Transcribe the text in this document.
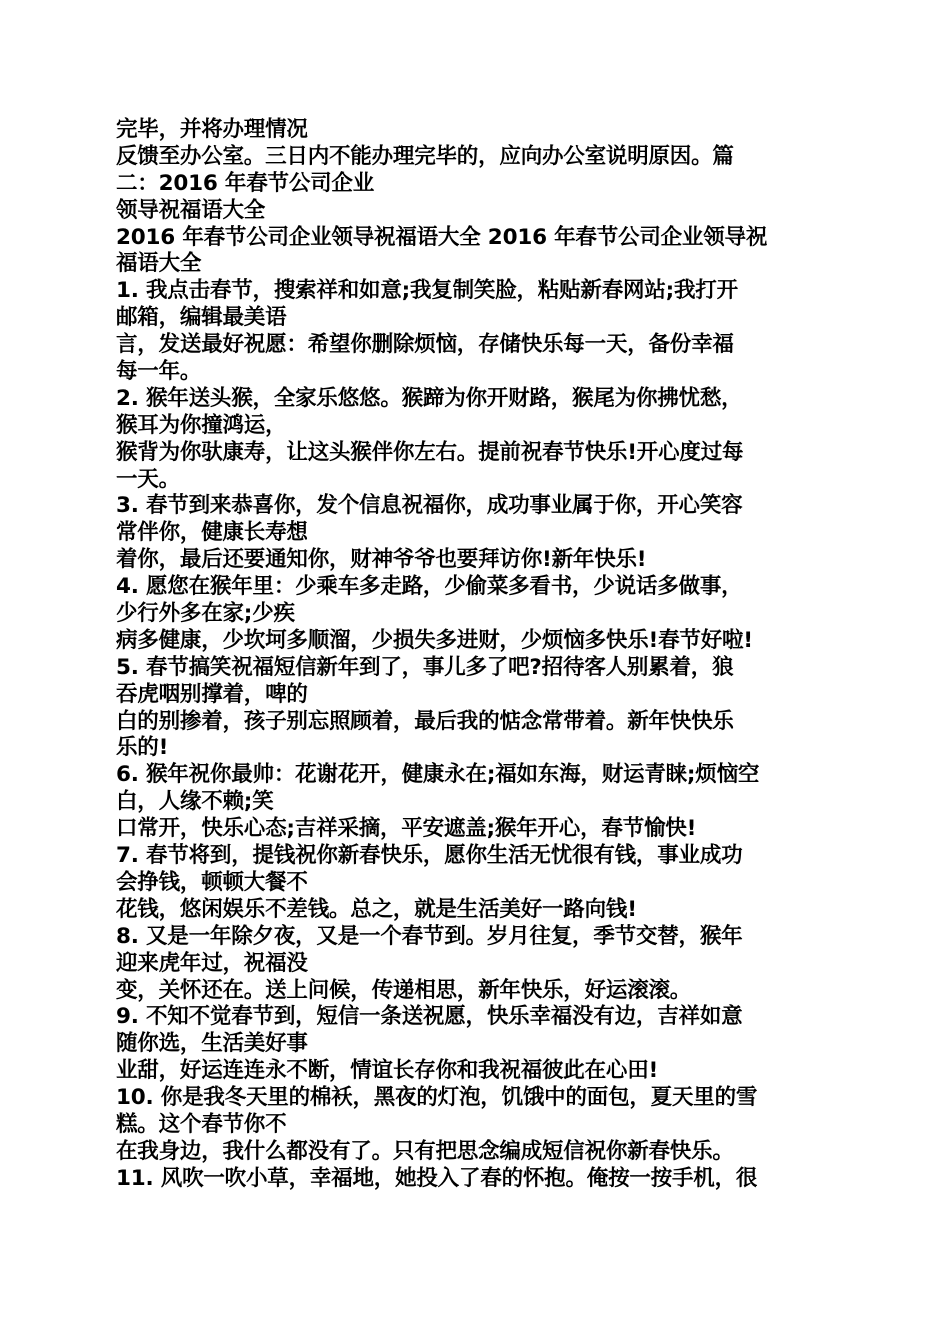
完毕，并将办理情况
反馈至办公室。三日内不能办理完毕的，应向办公室说明原因。篇
二：2016 年春节公司企业
领导祝福语大全
2016 年春节公司企业领导祝福语大全 2016 年春节公司企业领导祝
福语大全
1. 我点击春节，搜索祥和如意;我复制笑脸，粘贴新春网站;我打开
邮箱，编辑最美语
言，发送最好祝愿：希望你删除烦恼，存储快乐每一天，备份幸福
每一年。
2. 猴年送头猴，全家乐悠悠。猴蹄为你开财路，猴尾为你拂忧愁，
猴耳为你撞鸿运，
猴背为你驮康寿，让这头猴伴你左右。提前祝春节快乐!开心度过每
一天。
3. 春节到来恭喜你，发个信息祝福你，成功事业属于你，开心笑容
常伴你，健康长寿想
着你，最后还要通知你，财神爷爷也要拜访你!新年快乐!
4. 愿您在猴年里：少乘车多走路，少偷菜多看书，少说话多做事，
少行外多在家;少疾
病多健康，少坎坷多顺溜，少损失多进财，少烦恼多快乐!春节好啦!
5. 春节搞笑祝福短信新年到了，事儿多了吧?招待客人别累着，狼
吞虎咽别撑着，啤的
白的别掺着，孩子别忘照顾着，最后我的惦念常带着。新年快快乐
乐的!
6. 猴年祝你最帅：花谢花开，健康永在;福如东海，财运青睐;烦恼空
白，人缘不赖;笑
口常开，快乐心态;吉祥采摘，平安遮盖;猴年开心，春节愉快!
7. 春节将到，提钱祝你新春快乐，愿你生活无忧很有钱，事业成功
会挣钱，顿顿大餐不
花钱，悠闲娱乐不差钱。总之，就是生活美好一路向钱!
8. 又是一年除夕夜，又是一个春节到。岁月往复，季节交替，猴年
迎来虎年过，祝福没
变，关怀还在。送上问候，传递相思，新年快乐，好运滚滚。
9. 不知不觉春节到，短信一条送祝愿，快乐幸福没有边，吉祥如意
随你选，生活美好事
业甜，好运连连永不断，情谊长存你和我祝福彼此在心田!
10. 你是我冬天里的棉袄，黑夜的灯泡，饥饿中的面包，夏天里的雪
糕。这个春节你不
在我身边，我什么都没有了。只有把思念编成短信祝你新春快乐。
11. 风吹一吹小草，幸福地，她投入了春的怀抱。俺按一按手机，很
